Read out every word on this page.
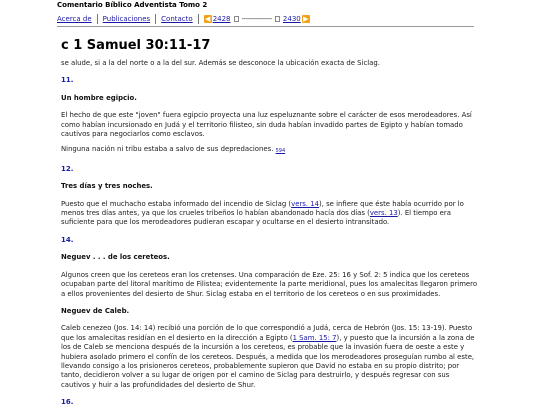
Comentario Bíblico Adventista Tomo 2
Acerca de Publicaciones Contacto ◀ 2428 --------------- 2430 ▶
c 1 Samuel 30:11-17

se alude, si a la del norte o a la del sur. Además se desconoce la ubicación exacta de Siclag.

11.

Un hombre egipcio.

El hecho de que este "joven" fuera egipcio proyecta una luz espeluznante sobre el carácter de esos merodeadores. Así como habían incursionado en Judá y el territorio filisteo, sin duda habían invadido partes de Egipto y habían tomado cautivos para negociarlos como esclavos.

Ninguna nación ni tribu estaba a salvo de sus depredaciones. $_{594}$

12.

Tres días y tres noches.

Puesto que el muchacho estaba informado del incendio de Siclag (vers. 14), se infiere que éste había ocurrido por lo menos tres días antes, ya que los crueles tribeños lo habían abandonado hacía dos días (vers. 13). El tiempo era suficiente para que los merodeadores pudieran escapar y ocultarse en el desierto intransitado.

14.

Neguev . . . de los cereteos.

Algunos creen que los cereteos eran los cretenses. Una comparación de Eze. 25: 16 y Sof. 2: 5 indica que los cereteos ocupaban parte del litoral marítimo de Filistea; evidentemente la parte meridional, pues los amalecitas llegaron primero a ellos provenientes del desierto de Shur. Siclag estaba en el territorio de los cereteos o en sus proximidades.

Neguev de Caleb.

Caleb cenezeo (Jos. 14: 14) recibió una porción de lo que correspondió a Judá, cerca de Hebrón (Jos. 15: 13-19). Puesto que los amalecitas residían en el desierto en la dirección a Egipto (1 Sam. 15: 7), y puesto que la incursión a la zona de los de Caleb se menciona después de la incursión a los cereteos, es probable que la invasión fuera de oeste a este y hubiera asolado primero el confín de los cereteos. Después, a medida que los merodeadores proseguían rumbo al este, llevando consigo a los prisioneros cereteos, probablemente supieron que David no estaba en su propio distrito; por tanto, decidieron volver a su lugar de origen por el camino de Siclag para destruirlo, y después regresar con sus cautivos y huir a las profundidades del desierto de Shur.

16.
